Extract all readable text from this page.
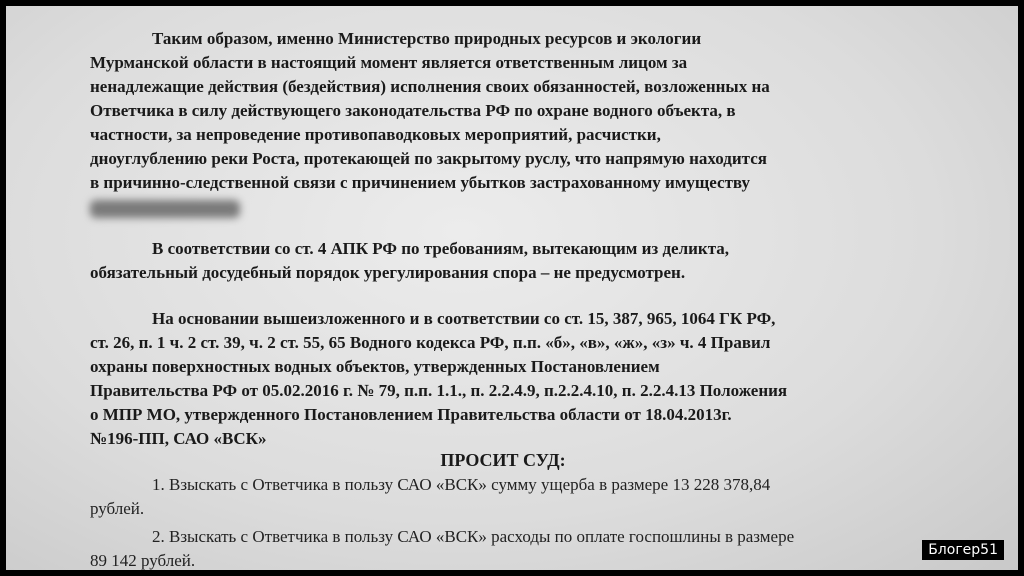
Таким образом, именно Министерство природных ресурсов и экологии
Мурманской области в настоящий момент является ответственным лицом за
ненадлежащие действия (бездействия) исполнения своих обязанностей, возложенных на
Ответчика в силу действующего законодательства РФ по охране водного объекта, в
частности, за непроведение противопаводковых мероприятий, расчистки,
дноуглублению реки Роста, протекающей по закрытому руслу, что напрямую находится
в причинно-следственной связи с причинением убытков застрахованному имуществу
В соответствии со ст. 4 АПК РФ по требованиям, вытекающим из деликта,
обязательный досудебный порядок урегулирования спора – не предусмотрен.
На основании вышеизложенного и в соответствии со ст. 15, 387, 965, 1064 ГК РФ,
ст. 26, п. 1 ч. 2 ст. 39, ч. 2 ст. 55, 65 Водного кодекса РФ, п.п. «б», «в», «ж», «з» ч. 4 Правил
охраны поверхностных водных объектов, утвержденных Постановлением
Правительства РФ от 05.02.2016 г. № 79, п.п. 1.1., п. 2.2.4.9, п.2.2.4.10, п. 2.2.4.13 Положения
о МПР МО, утвержденного Постановлением Правительства области от 18.04.2013г.
№196-ПП, САО «ВСК»
ПРОСИТ СУД:
1. Взыскать с Ответчика в пользу САО «ВСК» сумму ущерба в размере 13 228 378,84
рублей.
2. Взыскать с Ответчика в пользу САО «ВСК» расходы по оплате госпошлины в размере
89 142 рублей.
Блогер51
